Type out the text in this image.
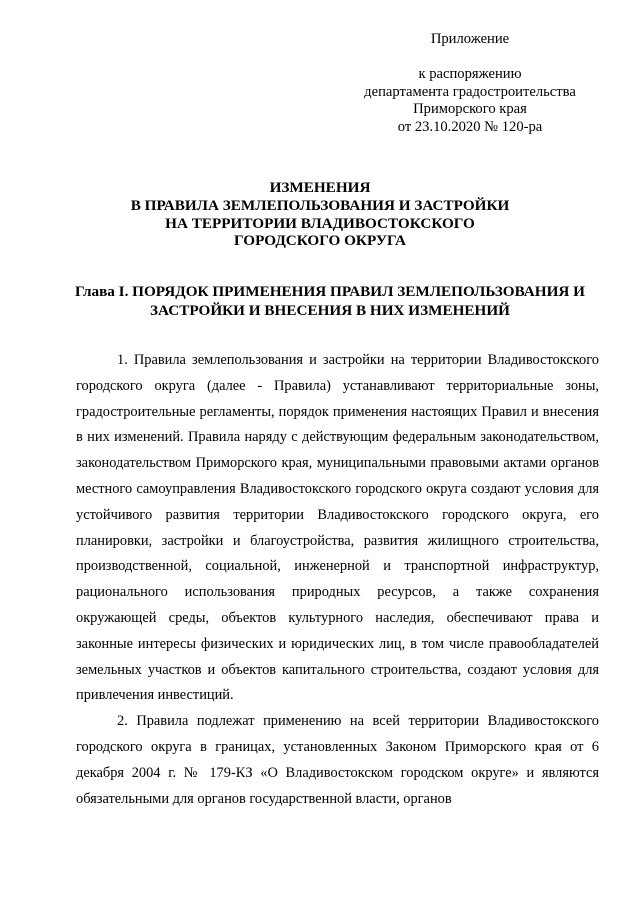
Приложение
к распоряжению
департамента градостроительства
Приморского края
от 23.10.2020 № 120-ра
ИЗМЕНЕНИЯ
В ПРАВИЛА ЗЕМЛЕПОЛЬЗОВАНИЯ И ЗАСТРОЙКИ
НА ТЕРРИТОРИИ ВЛАДИВОСТОКСКОГО
ГОРОДСКОГО ОКРУГА
Глава I. ПОРЯДОК ПРИМЕНЕНИЯ ПРАВИЛ ЗЕМЛЕПОЛЬЗОВАНИЯ И
ЗАСТРОЙКИ И ВНЕСЕНИЯ В НИХ ИЗМЕНЕНИЙ

1. Правила землепользования и застройки на территории Владивостокского городского округа (далее - Правила) устанавливают территориальные зоны, градостроительные регламенты, порядок применения настоящих Правил и внесения в них изменений. Правила наряду с действующим федеральным законодательством, законодательством Приморского края, муниципальными правовыми актами органов местного самоуправления Владивостокского городского округа создают условия для устойчивого развития территории Владивостокского городского округа, его планировки, застройки и благоустройства, развития жилищного строительства, производственной, социальной, инженерной и транспортной инфраструктур, рационального использования природных ресурсов, а также сохранения окружающей среды, объектов культурного наследия, обеспечивают права и законные интересы физических и юридических лиц, в том числе правообладателей земельных участков и объектов капитального строительства, создают условия для привлечения инвестиций.

2. Правила подлежат применению на всей территории Владивостокского городского округа в границах, установленных Законом Приморского края от 6 декабря 2004 г. № 179-КЗ «О Владивостокском городском округе» и являются обязательными для органов государственной власти, органов
